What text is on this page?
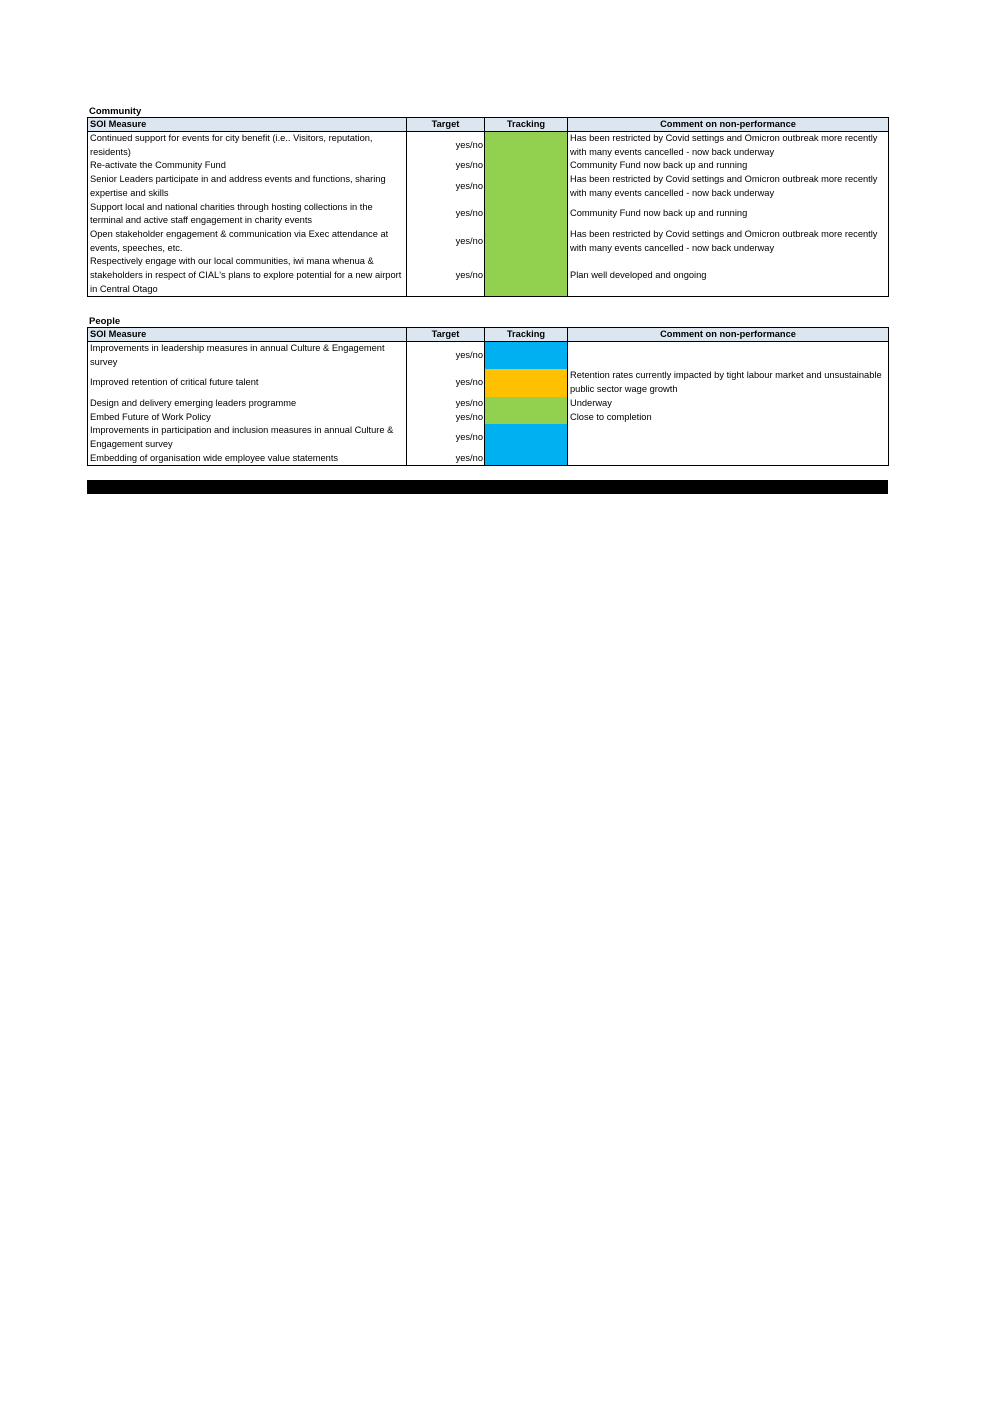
Community
SOI Measure	Target	Tracking	Comment on non-performance
Continued support for events for city benefit (i.e.. Visitors, reputation, residents)	yes/no		Has been restricted by Covid settings and Omicron outbreak more recently with many events cancelled - now back underway
Re-activate the Community Fund	yes/no		Community Fund now back up and running
Senior Leaders participate in and address events and functions, sharing expertise and skills	yes/no		Has been restricted by Covid settings and Omicron outbreak more recently with many events cancelled - now back underway
Support local and national charities through hosting collections in the terminal and active staff engagement in charity events	yes/no		Community Fund now back up and running
Open stakeholder engagement & communication via Exec attendance at events, speeches, etc.	yes/no		Has been restricted by Covid settings and Omicron outbreak more recently with many events cancelled - now back underway
Respectively engage with our local communities, iwi mana whenua & stakeholders in respect of CIAL's plans to explore potential for a new airport in Central Otago	yes/no		Plan well developed and ongoing
People
SOI Measure	Target	Tracking	Comment on non-performance
Improvements in leadership measures in annual Culture & Engagement survey	yes/no		
Improved retention of critical future talent	yes/no		Retention rates currently impacted by tight labour market and unsustainable public sector wage growth
Design and delivery emerging leaders programme	yes/no		Underway
Embed Future of Work Policy	yes/no		Close to completion
Improvements in participation and inclusion measures in annual Culture & Engagement survey	yes/no		
Embedding of organisation wide employee value statements	yes/no		
